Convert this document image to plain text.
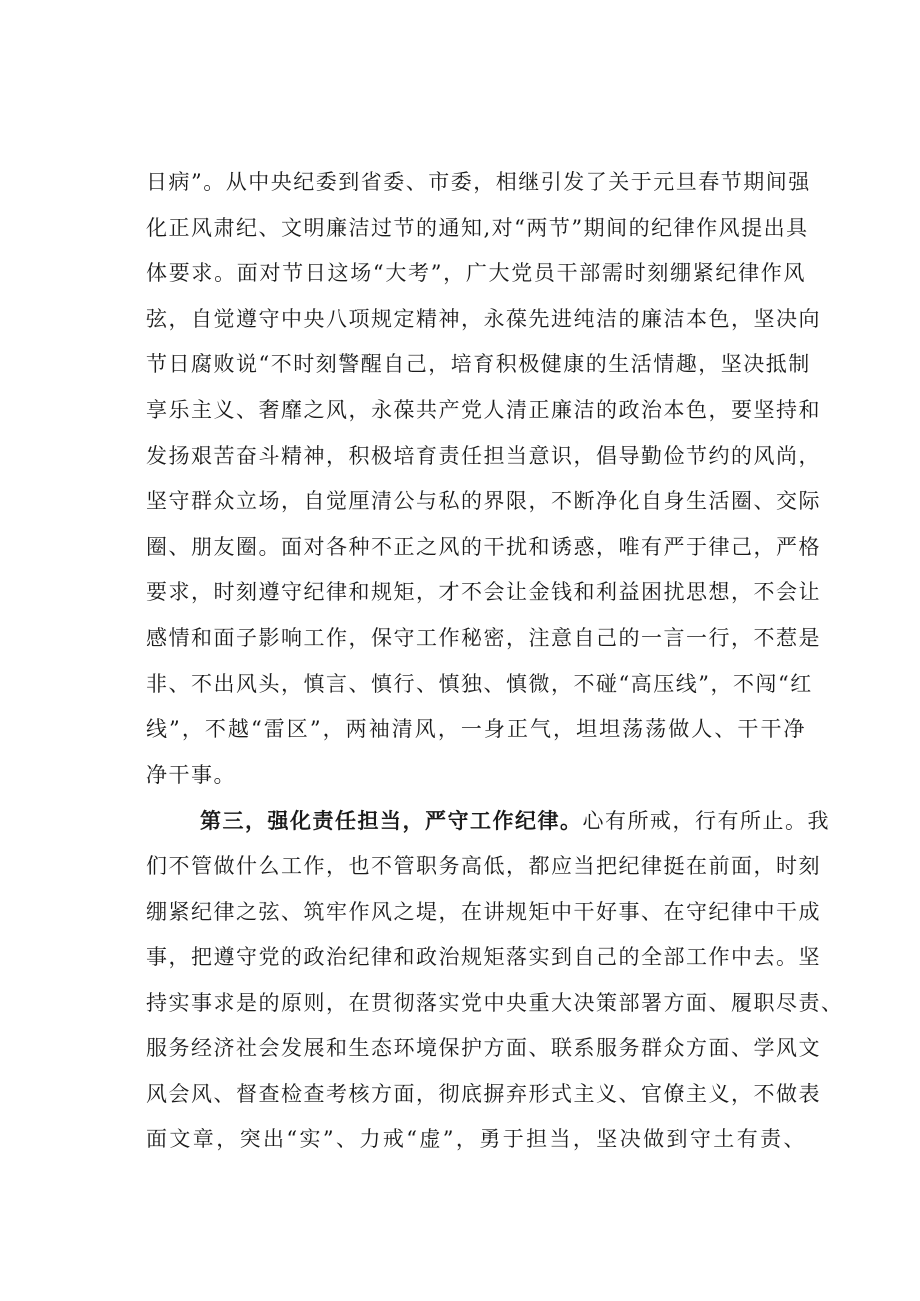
日病”。从中央纪委到省委、市委，相继引发了关于元旦春节期间强
化正风肃纪、文明廉洁过节的通知,对“两节”期间的纪律作风提出具
体要求。面对节日这场“大考”，广大党员干部需时刻绷紧纪律作风
弦，自觉遵守中央八项规定精神，永葆先进纯洁的廉洁本色，坚决向
节日腐败说“不时刻警醒自己，培育积极健康的生活情趣，坚决抵制
享乐主义、奢靡之风，永葆共产党人清正廉洁的政治本色，要坚持和
发扬艰苦奋斗精神，积极培育责任担当意识，倡导勤俭节约的风尚，
坚守群众立场，自觉厘清公与私的界限，不断净化自身生活圈、交际
圈、朋友圈。面对各种不正之风的干扰和诱惑，唯有严于律己，严格
要求，时刻遵守纪律和规矩，才不会让金钱和利益困扰思想，不会让
感情和面子影响工作，保守工作秘密，注意自己的一言一行，不惹是
非、不出风头，慎言、慎行、慎独、慎微，不碰“高压线”，不闯“红
线”，不越“雷区”，两袖清风，一身正气，坦坦荡荡做人、干干净
净干事。
第三，强化责任担当，严守工作纪律。心有所戒，行有所止。我
们不管做什么工作，也不管职务高低，都应当把纪律挺在前面，时刻
绷紧纪律之弦、筑牢作风之堤，在讲规矩中干好事、在守纪律中干成
事，把遵守党的政治纪律和政治规矩落实到自己的全部工作中去。坚
持实事求是的原则，在贯彻落实党中央重大决策部署方面、履职尽责、
服务经济社会发展和生态环境保护方面、联系服务群众方面、学风文
风会风、督查检查考核方面，彻底摒弃形式主义、官僚主义，不做表
面文章，突出“实”、力戒“虚”，勇于担当，坚决做到守土有责、
